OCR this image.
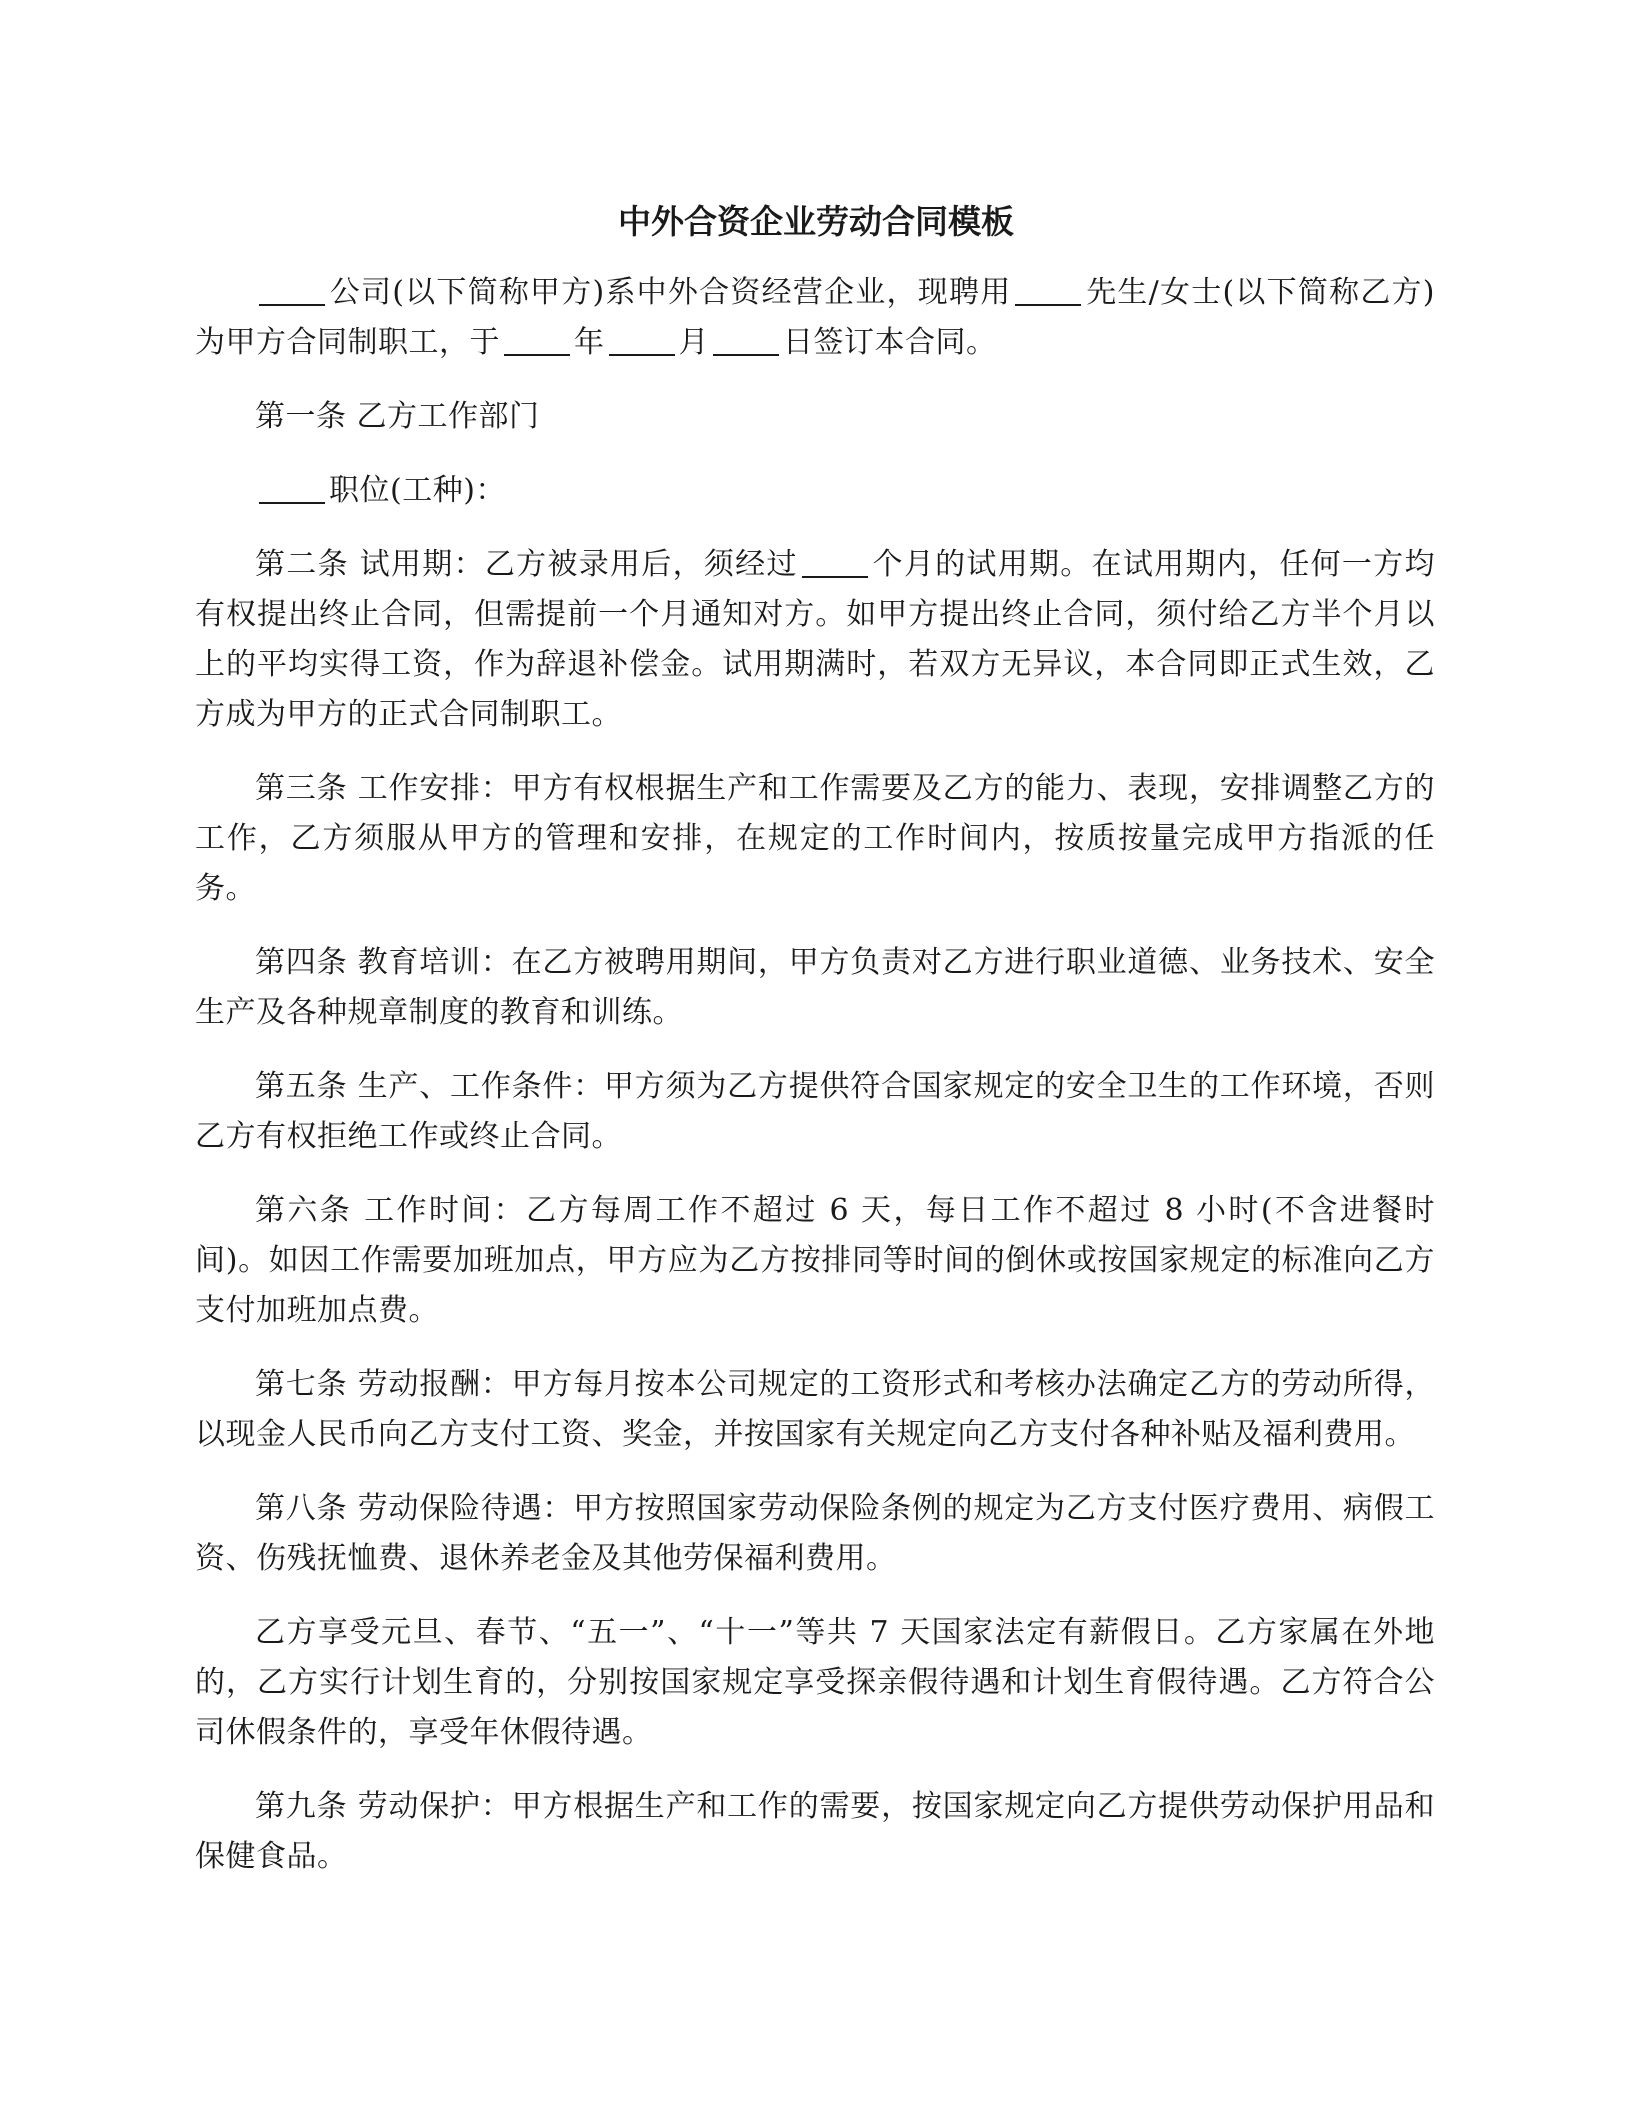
中外合资企业劳动合同模板

公司(以下简称甲方)系中外合资经营企业，现聘用 先生/女士(以下简称乙方)为甲方合同制职工，于 年 月 日签订本合同。

第一条 乙方工作部门

职位(工种)：

第二条 试用期：乙方被录用后，须经过 个月的试用期。在试用期内，任何一方均有权提出终止合同，但需提前一个月通知对方。如甲方提出终止合同，须付给乙方半个月以上的平均实得工资，作为辞退补偿金。试用期满时，若双方无异议，本合同即正式生效，乙方成为甲方的正式合同制职工。

第三条 工作安排：甲方有权根据生产和工作需要及乙方的能力、表现，安排调整乙方的工作，乙方须服从甲方的管理和安排，在规定的工作时间内，按质按量完成甲方指派的任务。

第四条 教育培训：在乙方被聘用期间，甲方负责对乙方进行职业道德、业务技术、安全生产及各种规章制度的教育和训练。

第五条 生产、工作条件：甲方须为乙方提供符合国家规定的安全卫生的工作环境，否则乙方有权拒绝工作或终止合同。

第六条 工作时间：乙方每周工作不超过 6 天，每日工作不超过 8 小时(不含进餐时间)。如因工作需要加班加点，甲方应为乙方按排同等时间的倒休或按国家规定的标准向乙方支付加班加点费。

第七条 劳动报酬：甲方每月按本公司规定的工资形式和考核办法确定乙方的劳动所得，以现金人民币向乙方支付工资、奖金，并按国家有关规定向乙方支付各种补贴及福利费用。

第八条 劳动保险待遇：甲方按照国家劳动保险条例的规定为乙方支付医疗费用、病假工资、伤残抚恤费、退休养老金及其他劳保福利费用。

乙方享受元旦、春节、“五一”、“十一”等共 7 天国家法定有薪假日。乙方家属在外地的，乙方实行计划生育的，分别按国家规定享受探亲假待遇和计划生育假待遇。乙方符合公司休假条件的，享受年休假待遇。

第九条 劳动保护：甲方根据生产和工作的需要，按国家规定向乙方提供劳动保护用品和保健食品。
